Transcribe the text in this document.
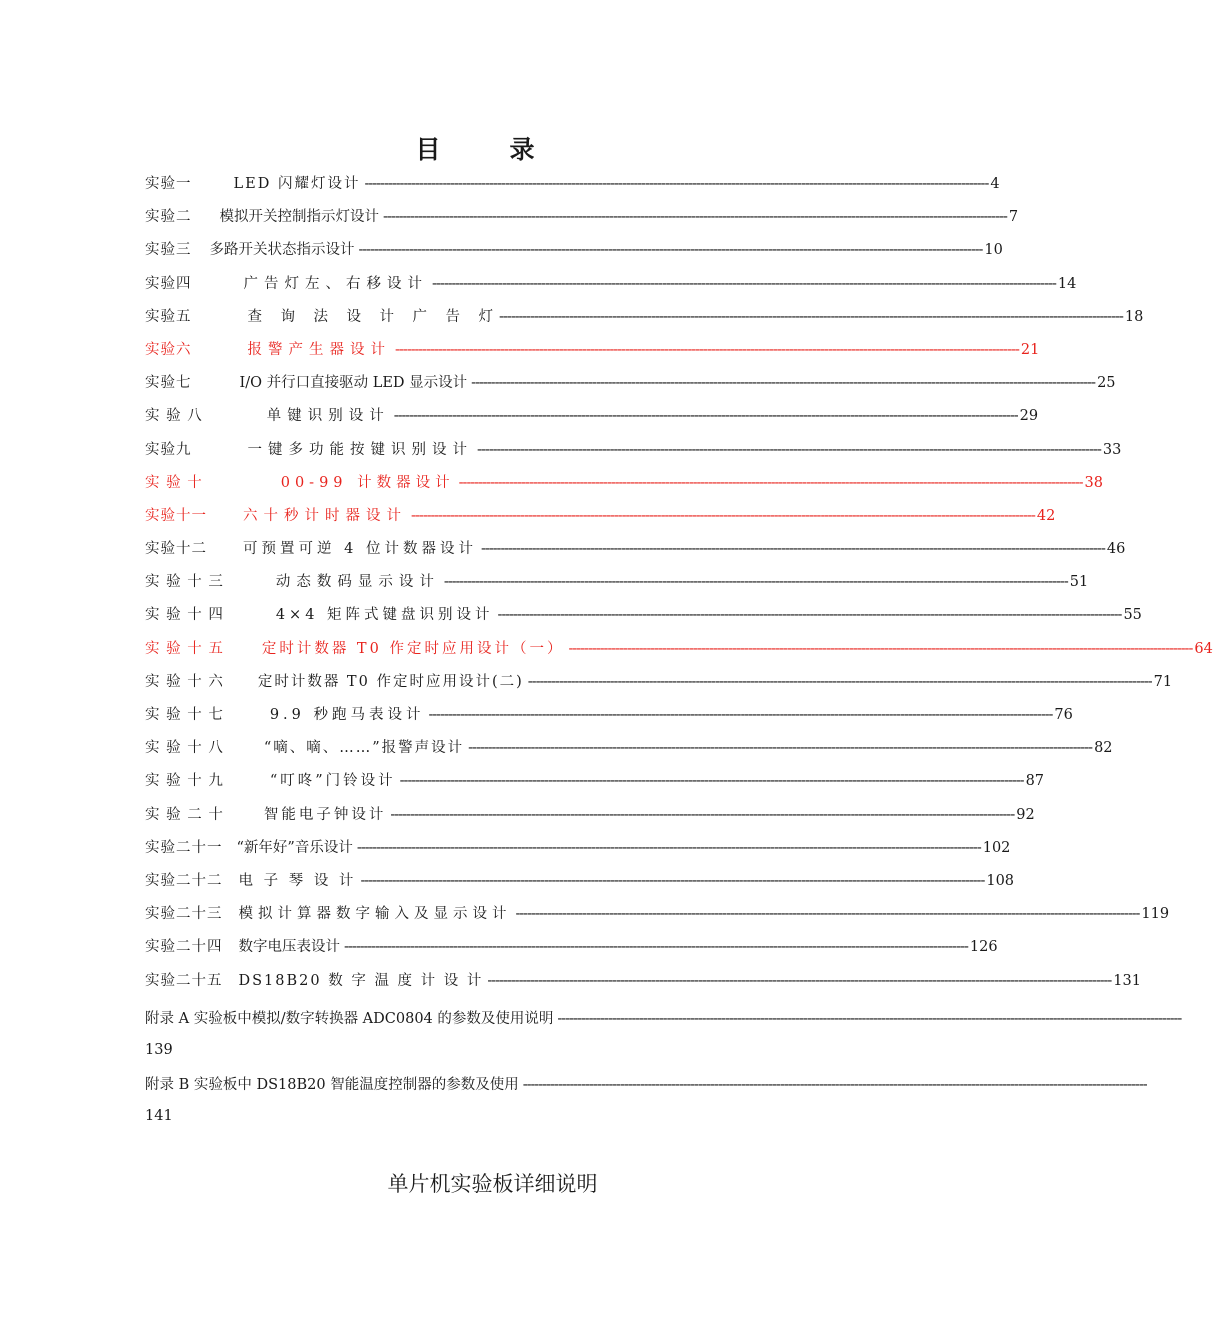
目　录
实验一	LED 闪耀灯设计 ---------------------------------------------------------------------------------------------------------------------------------------------------------------- 4
实验二 模拟开关控制指示灯设计 ---------------------------------------------------------------------------------------------------------------------------------------------------------------- 7
实验三 多路开关状态指示设计 ---------------------------------------------------------------------------------------------------------------------------------------------------------------- 10
实验四	广告灯左、右移设计 ---------------------------------------------------------------------------------------------------------------------------------------------------------------- 14
实验五	查　询　法　设　计　广　告　灯 ---------------------------------------------------------------------------------------------------------------------------------------------------------------- 18
实验六	报警产生器设计 ---------------------------------------------------------------------------------------------------------------------------------------------------------------- 21
实验七	I/O 并行口直接驱动 LED 显示设计 ---------------------------------------------------------------------------------------------------------------------------------------------------------------- 25
实 验 八	单键识别设计 ---------------------------------------------------------------------------------------------------------------------------------------------------------------- 29
实验九	一键多功能按键识别设计 ---------------------------------------------------------------------------------------------------------------------------------------------------------------- 33
实 验 十	00-99 计数器设计 ---------------------------------------------------------------------------------------------------------------------------------------------------------------- 38
实验十一 六十秒计时器设计 ---------------------------------------------------------------------------------------------------------------------------------------------------------------- 42
实验十二 可预置可逆 4 位计数器设计 ---------------------------------------------------------------------------------------------------------------------------------------------------------------- 46
实 验 十 三	动态数码显示设计 ---------------------------------------------------------------------------------------------------------------------------------------------------------------- 51
实 验 十 四	4×4 矩阵式键盘识别设计 ---------------------------------------------------------------------------------------------------------------------------------------------------------------- 55
实 验 十 五	定时计数器 T0 作定时应用设计（一） ---------------------------------------------------------------------------------------------------------------------------------------------------------------- 64
实 验 十 六 定时计数器 T0 作定时应用设计(二) ---------------------------------------------------------------------------------------------------------------------------------------------------------------- 71
实 验 十 七	9.9 秒跑马表设计 ---------------------------------------------------------------------------------------------------------------------------------------------------------------- 76
实 验 十 八	“嘀、嘀、……”报警声设计 ---------------------------------------------------------------------------------------------------------------------------------------------------------------- 82
实 验 十 九	“叮咚”门铃设计 ---------------------------------------------------------------------------------------------------------------------------------------------------------------- 87
实 验 二 十	智能电子钟设计 ---------------------------------------------------------------------------------------------------------------------------------------------------------------- 92
实验二十一 “新年好”音乐设计 ---------------------------------------------------------------------------------------------------------------------------------------------------------------- 102
实验二十二 电 子 琴 设 计 ---------------------------------------------------------------------------------------------------------------------------------------------------------------- 108
实验二十三 模拟计算器数字输入及显示设计 ---------------------------------------------------------------------------------------------------------------------------------------------------------------- 119
实验二十四 数字电压表设计 ---------------------------------------------------------------------------------------------------------------------------------------------------------------- 126
实验二十五 DS18B20 数 字 温 度 计 设 计 ---------------------------------------------------------------------------------------------------------------------------------------------------------------- 131
附录 A 实验板中模拟/数字转换器 ADC0804 的参数及使用说明 ----------------------------------------------------------------------------------------------------------------------------------------------------------------
139
附录 B 实验板中 DS18B20 智能温度控制器的参数及使用 ----------------------------------------------------------------------------------------------------------------------------------------------------------------
141
单片机实验板详细说明
